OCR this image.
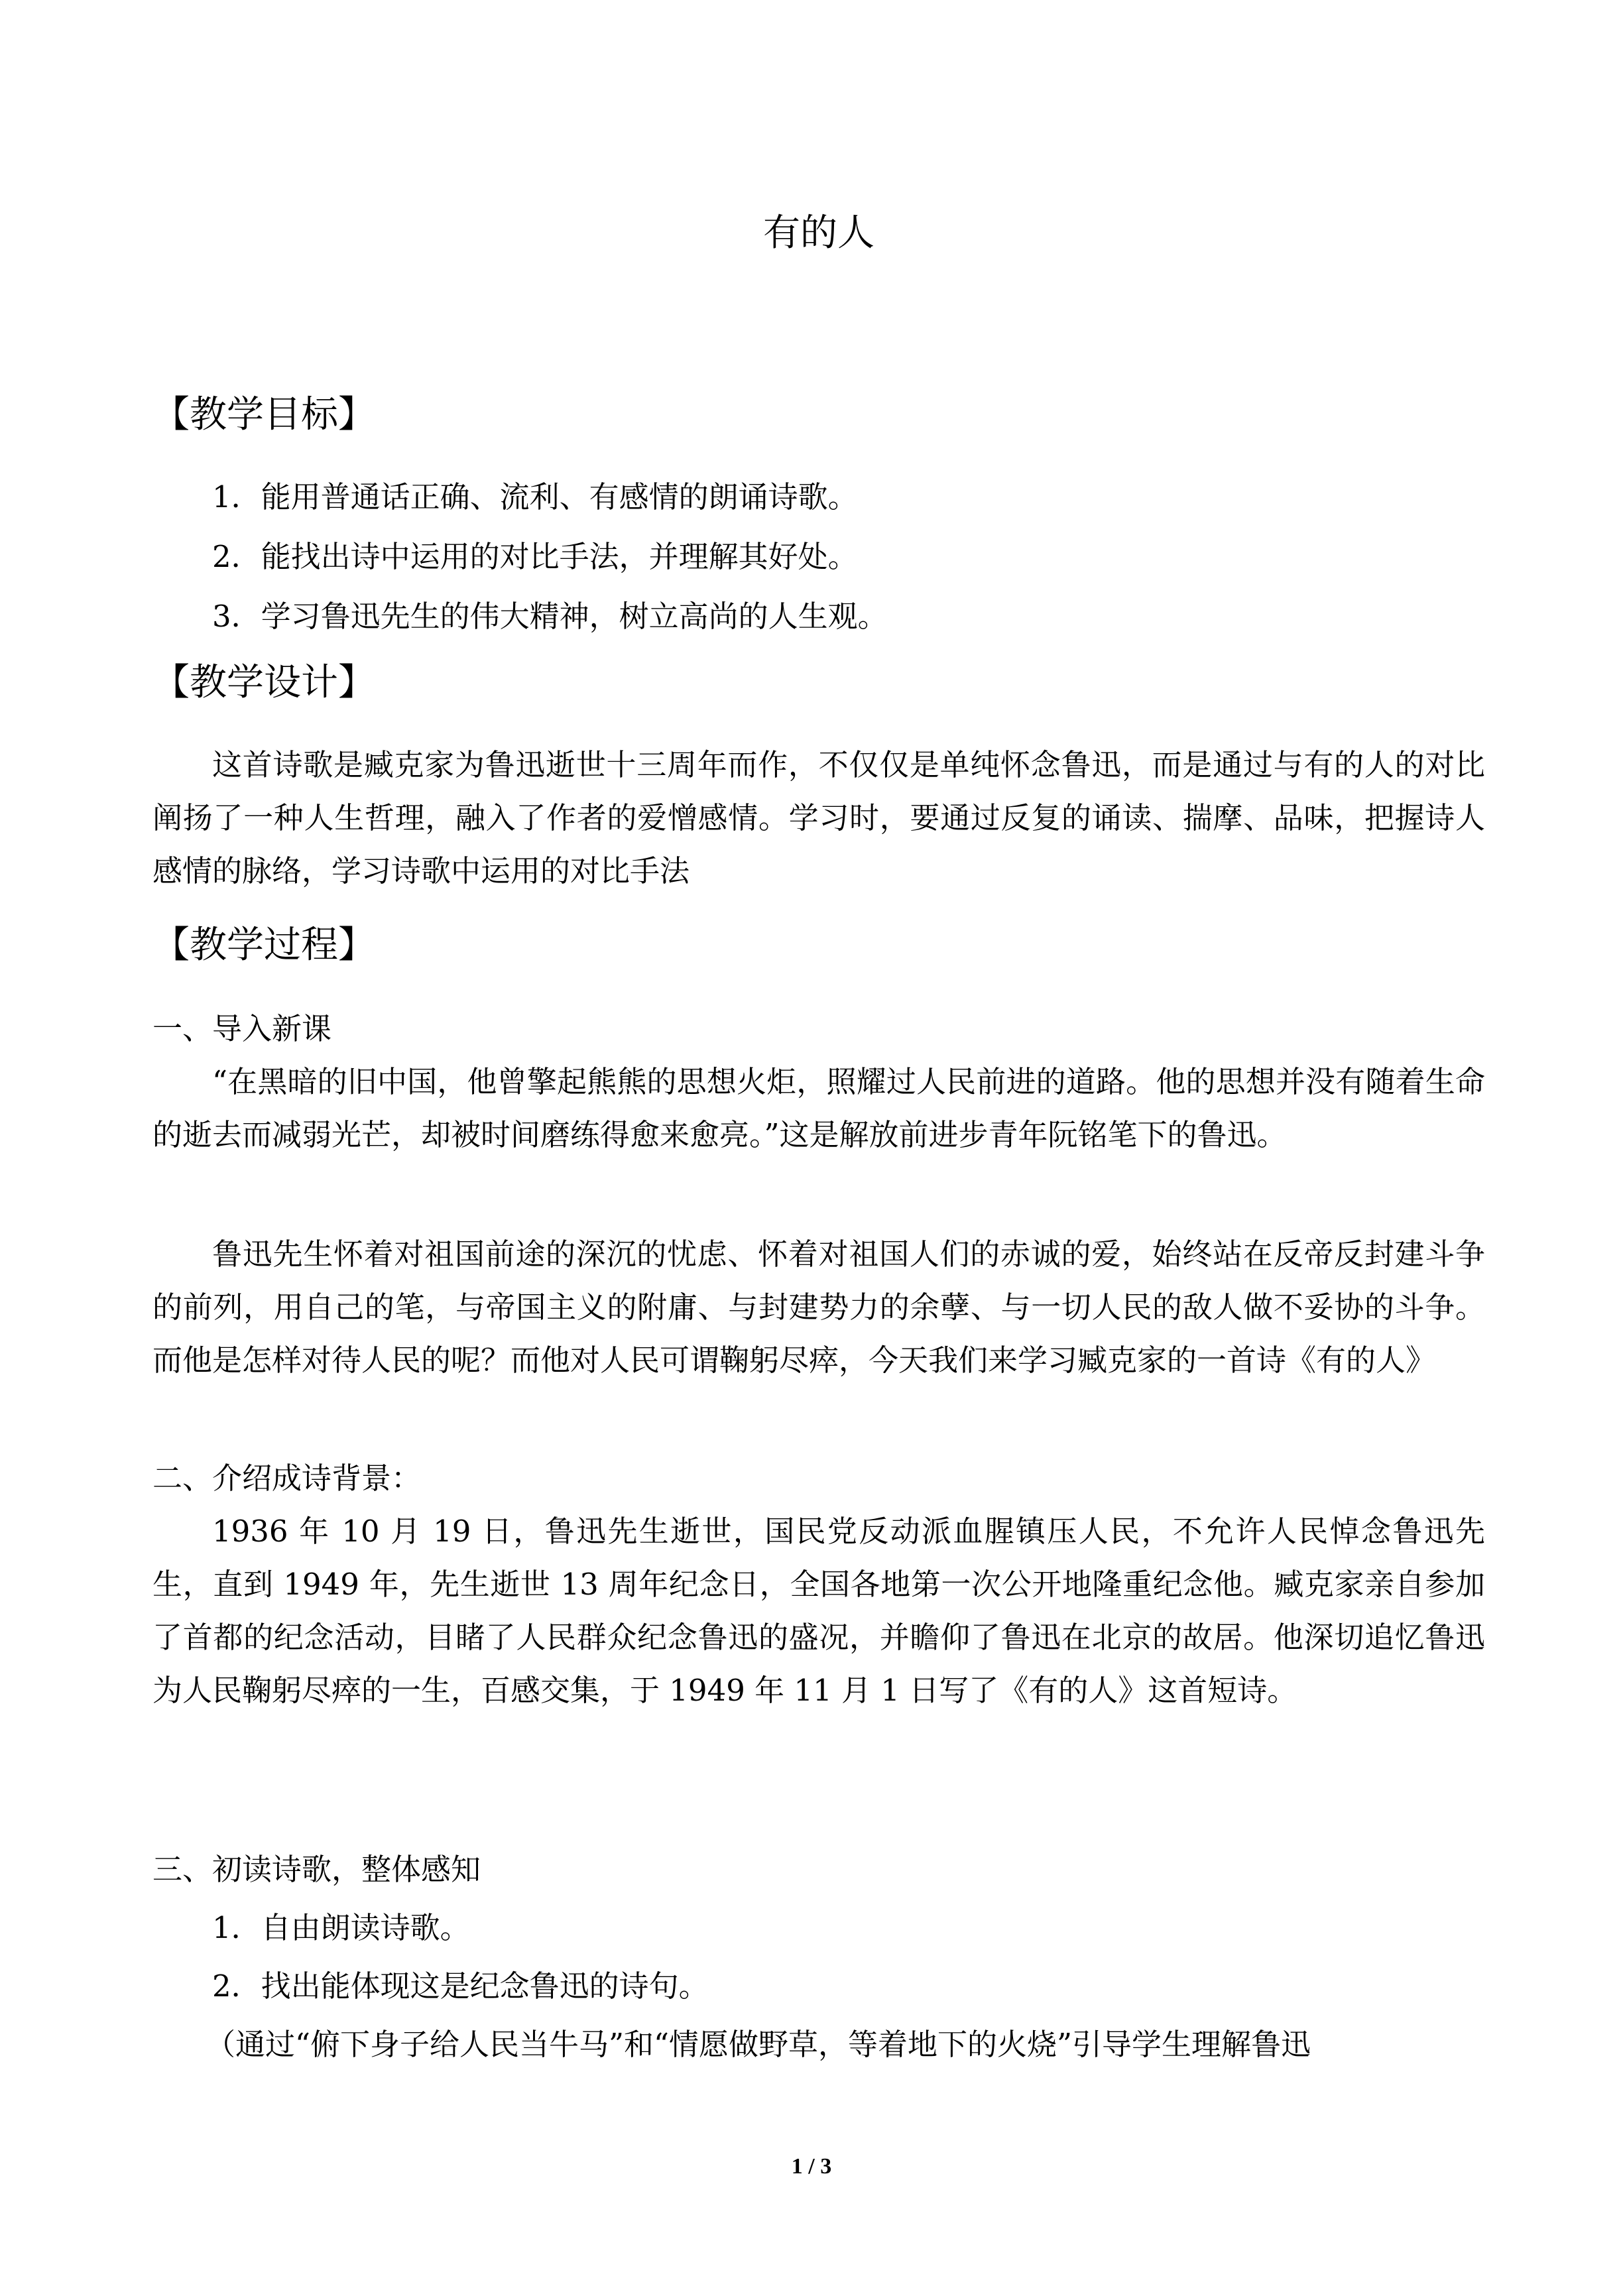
有的人
【教学目标】
1．能用普通话正确、流利、有感情的朗诵诗歌。
2．能找出诗中运用的对比手法，并理解其好处。
3．学习鲁迅先生的伟大精神，树立高尚的人生观。
【教学设计】
这首诗歌是臧克家为鲁迅逝世十三周年而作，不仅仅是单纯怀念鲁迅，而是通过与有的人的对比阐扬了一种人生哲理，融入了作者的爱憎感情。学习时，要通过反复的诵读、揣摩、品味，把握诗人感情的脉络，学习诗歌中运用的对比手法
【教学过程】
一、导入新课
“在黑暗的旧中国，他曾擎起熊熊的思想火炬，照耀过人民前进的道路。他的思想并没有随着生命的逝去而减弱光芒，却被时间磨练得愈来愈亮。”这是解放前进步青年阮铭笔下的鲁迅。
鲁迅先生怀着对祖国前途的深沉的忧虑、怀着对祖国人们的赤诚的爱，始终站在反帝反封建斗争的前列，用自己的笔，与帝国主义的附庸、与封建势力的余孽、与一切人民的敌人做不妥协的斗争。而他是怎样对待人民的呢？而他对人民可谓鞠躬尽瘁，今天我们来学习臧克家的一首诗《有的人》
二、介绍成诗背景：
1936 年 10 月 19 日，鲁迅先生逝世，国民党反动派血腥镇压人民，不允许人民悼念鲁迅先生，直到 1949 年，先生逝世 13 周年纪念日，全国各地第一次公开地隆重纪念他。臧克家亲自参加了首都的纪念活动，目睹了人民群众纪念鲁迅的盛况，并瞻仰了鲁迅在北京的故居。他深切追忆鲁迅为人民鞠躬尽瘁的一生，百感交集，于 1949 年 11 月 1 日写了《有的人》这首短诗。
三、初读诗歌，整体感知
1．自由朗读诗歌。
2．找出能体现这是纪念鲁迅的诗句。
（通过“俯下身子给人民当牛马”和“情愿做野草，等着地下的火烧”引导学生理解鲁迅
1 / 3
